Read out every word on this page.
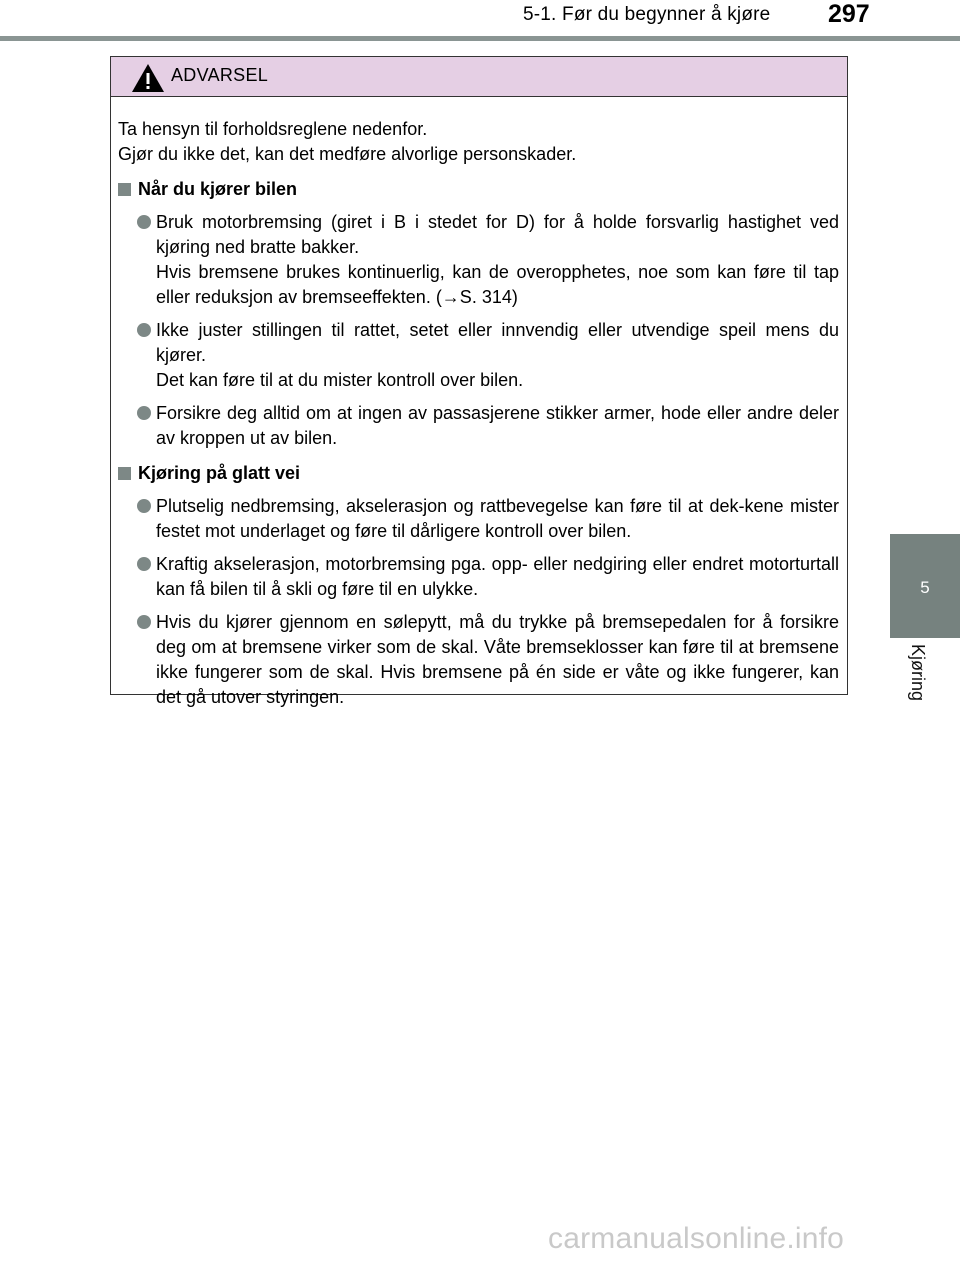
5-1. Før du begynner å kjøre 297
5
Kjøring
ADVARSEL

Ta hensyn til forholdsreglene nedenfor.

Gjør du ikke det, kan det medføre alvorlige personskader.

Når du kjører bilen

Bruk motorbremsing (giret i B i stedet for D) for å holde forsvarlig hastighet ved kjøring ned bratte bakker.

Hvis bremsene brukes kontinuerlig, kan de overopphetes, noe som kan føre til tap eller reduksjon av bremseeffekten. (→S. 314)

Ikke juster stillingen til rattet, setet eller innvendig eller utvendige speil mens du kjører.

Det kan føre til at du mister kontroll over bilen.

Forsikre deg alltid om at ingen av passasjerene stikker armer, hode eller andre deler av kroppen ut av bilen.

Kjøring på glatt vei

Plutselig nedbremsing, akselerasjon og rattbevegelse kan føre til at dek-kene mister festet mot underlaget og føre til dårligere kontroll over bilen.

Kraftig akselerasjon, motorbremsing pga. opp- eller nedgiring eller endret motorturtall kan få bilen til å skli og føre til en ulykke.

Hvis du kjører gjennom en sølepytt, må du trykke på bremsepedalen for å forsikre deg om at bremsene virker som de skal. Våte bremseklosser kan føre til at bremsene ikke fungerer som de skal. Hvis bremsene på én side er våte og ikke fungerer, kan det gå utover styringen.

carmanualsonline.info
